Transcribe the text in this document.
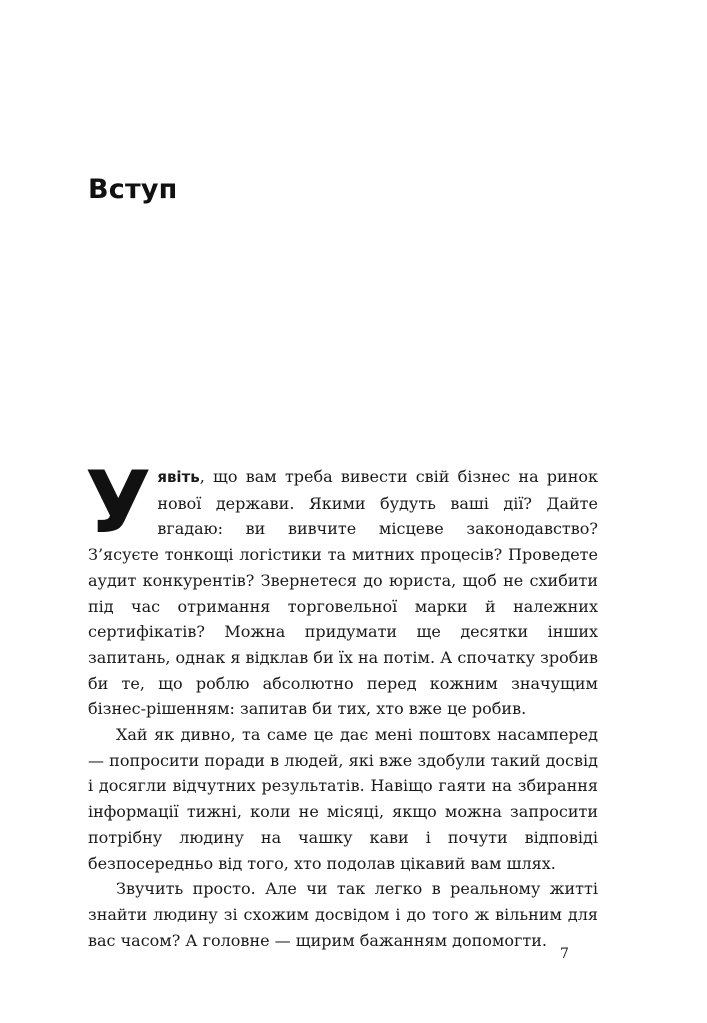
Вступ

Уявіть, що вам треба вивести свій бізнес на ринок нової держави. Якими будуть ваші дії? Дайте вгадаю: ви вивчите місцеве законодавство? З’ясуєте тонкощі логістики та митних процесів? Проведете аудит конкурентів? Звернетеся до юриста, щоб не схибити під час отримання торговельної марки й належних сертифікатів? Можна придумати ще десятки інших запитань, однак я відклав би їх на потім. А спочатку зробив би те, що роблю абсолютно перед кожним значущим бізнес-рішенням: запитав би тих, хто вже це робив.

Хай як дивно, та саме це дає мені поштовх насамперед — попросити поради в людей, які вже здобули такий досвід і досягли відчутних результатів. Навіщо гаяти на збирання інформації тижні, коли не місяці, якщо можна запросити потрібну людину на чашку кави і почути відповіді безпосередньо від того, хто подолав цікавий вам шлях.

Звучить просто. Але чи так легко в реальному житті знайти людину зі схожим досвідом і до того ж вільним для вас часом? А головне — щирим бажанням допомогти.

7
